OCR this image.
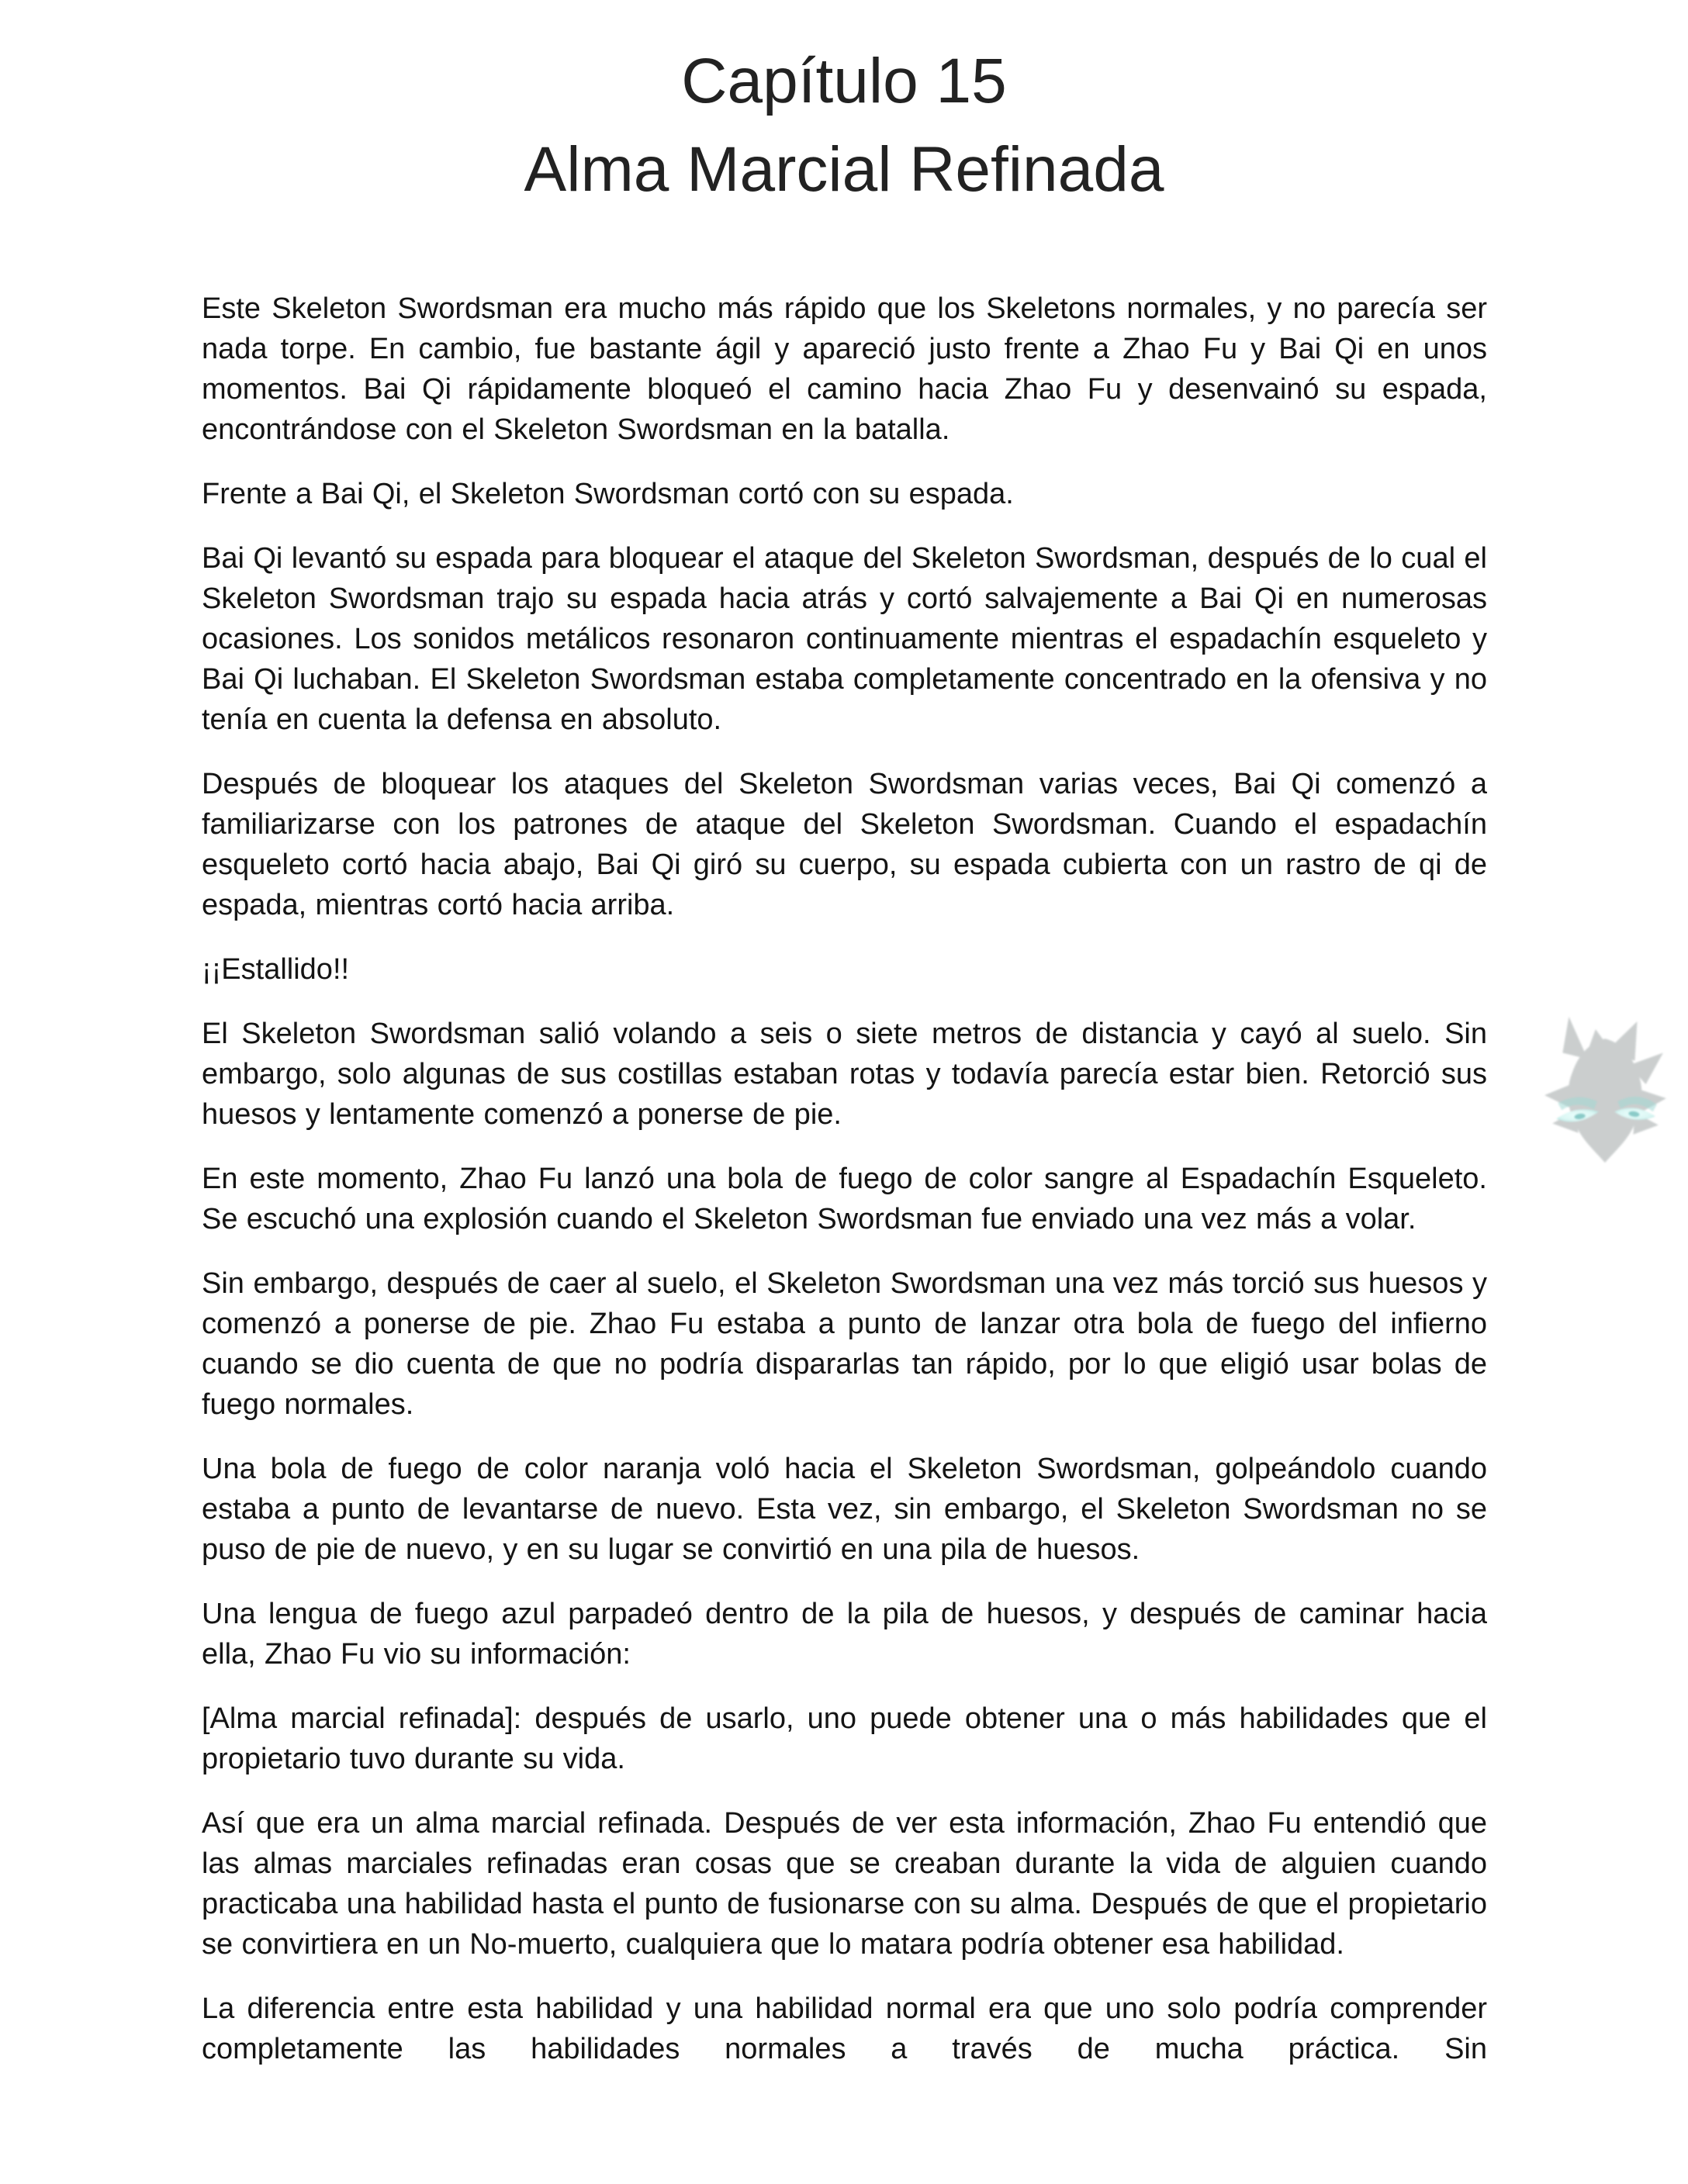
Capítulo 15
Alma Marcial Refinada

Este Skeleton Swordsman era mucho más rápido que los Skeletons normales, y no parecía ser nada torpe. En cambio, fue bastante ágil y apareció justo frente a Zhao Fu y Bai Qi en unos momentos. Bai Qi rápidamente bloqueó el camino hacia Zhao Fu y desenvainó su espada, encontrándose con el Skeleton Swordsman en la batalla.

Frente a Bai Qi, el Skeleton Swordsman cortó con su espada.

Bai Qi levantó su espada para bloquear el ataque del Skeleton Swordsman, después de lo cual el Skeleton Swordsman trajo su espada hacia atrás y cortó salvajemente a Bai Qi en numerosas ocasiones. Los sonidos metálicos resonaron continuamente mientras el espadachín esqueleto y Bai Qi luchaban. El Skeleton Swordsman estaba completamente concentrado en la ofensiva y no tenía en cuenta la defensa en absoluto.

Después de bloquear los ataques del Skeleton Swordsman varias veces, Bai Qi comenzó a familiarizarse con los patrones de ataque del Skeleton Swordsman. Cuando el espadachín esqueleto cortó hacia abajo, Bai Qi giró su cuerpo, su espada cubierta con un rastro de qi de espada, mientras cortó hacia arriba.

¡¡Estallido!!

El Skeleton Swordsman salió volando a seis o siete metros de distancia y cayó al suelo. Sin embargo, solo algunas de sus costillas estaban rotas y todavía parecía estar bien. Retorció sus huesos y lentamente comenzó a ponerse de pie.

En este momento, Zhao Fu lanzó una bola de fuego de color sangre al Espadachín Esqueleto. Se escuchó una explosión cuando el Skeleton Swordsman fue enviado una vez más a volar.

Sin embargo, después de caer al suelo, el Skeleton Swordsman una vez más torció sus huesos y comenzó a ponerse de pie. Zhao Fu estaba a punto de lanzar otra bola de fuego del infierno cuando se dio cuenta de que no podría dispararlas tan rápido, por lo que eligió usar bolas de fuego normales.

Una bola de fuego de color naranja voló hacia el Skeleton Swordsman, golpeándolo cuando estaba a punto de levantarse de nuevo. Esta vez, sin embargo, el Skeleton Swordsman no se puso de pie de nuevo, y en su lugar se convirtió en una pila de huesos.

Una lengua de fuego azul parpadeó dentro de la pila de huesos, y después de caminar hacia ella, Zhao Fu vio su información:

[Alma marcial refinada]: después de usarlo, uno puede obtener una o más habilidades que el propietario tuvo durante su vida.

Así que era un alma marcial refinada. Después de ver esta información, Zhao Fu entendió que las almas marciales refinadas eran cosas que se creaban durante la vida de alguien cuando practicaba una habilidad hasta el punto de fusionarse con su alma. Después de que el propietario se convirtiera en un No-muerto, cualquiera que lo matara podría obtener esa habilidad.

La diferencia entre esta habilidad y una habilidad normal era que uno solo podría comprender completamente las habilidades normales a través de mucha práctica. Sin
